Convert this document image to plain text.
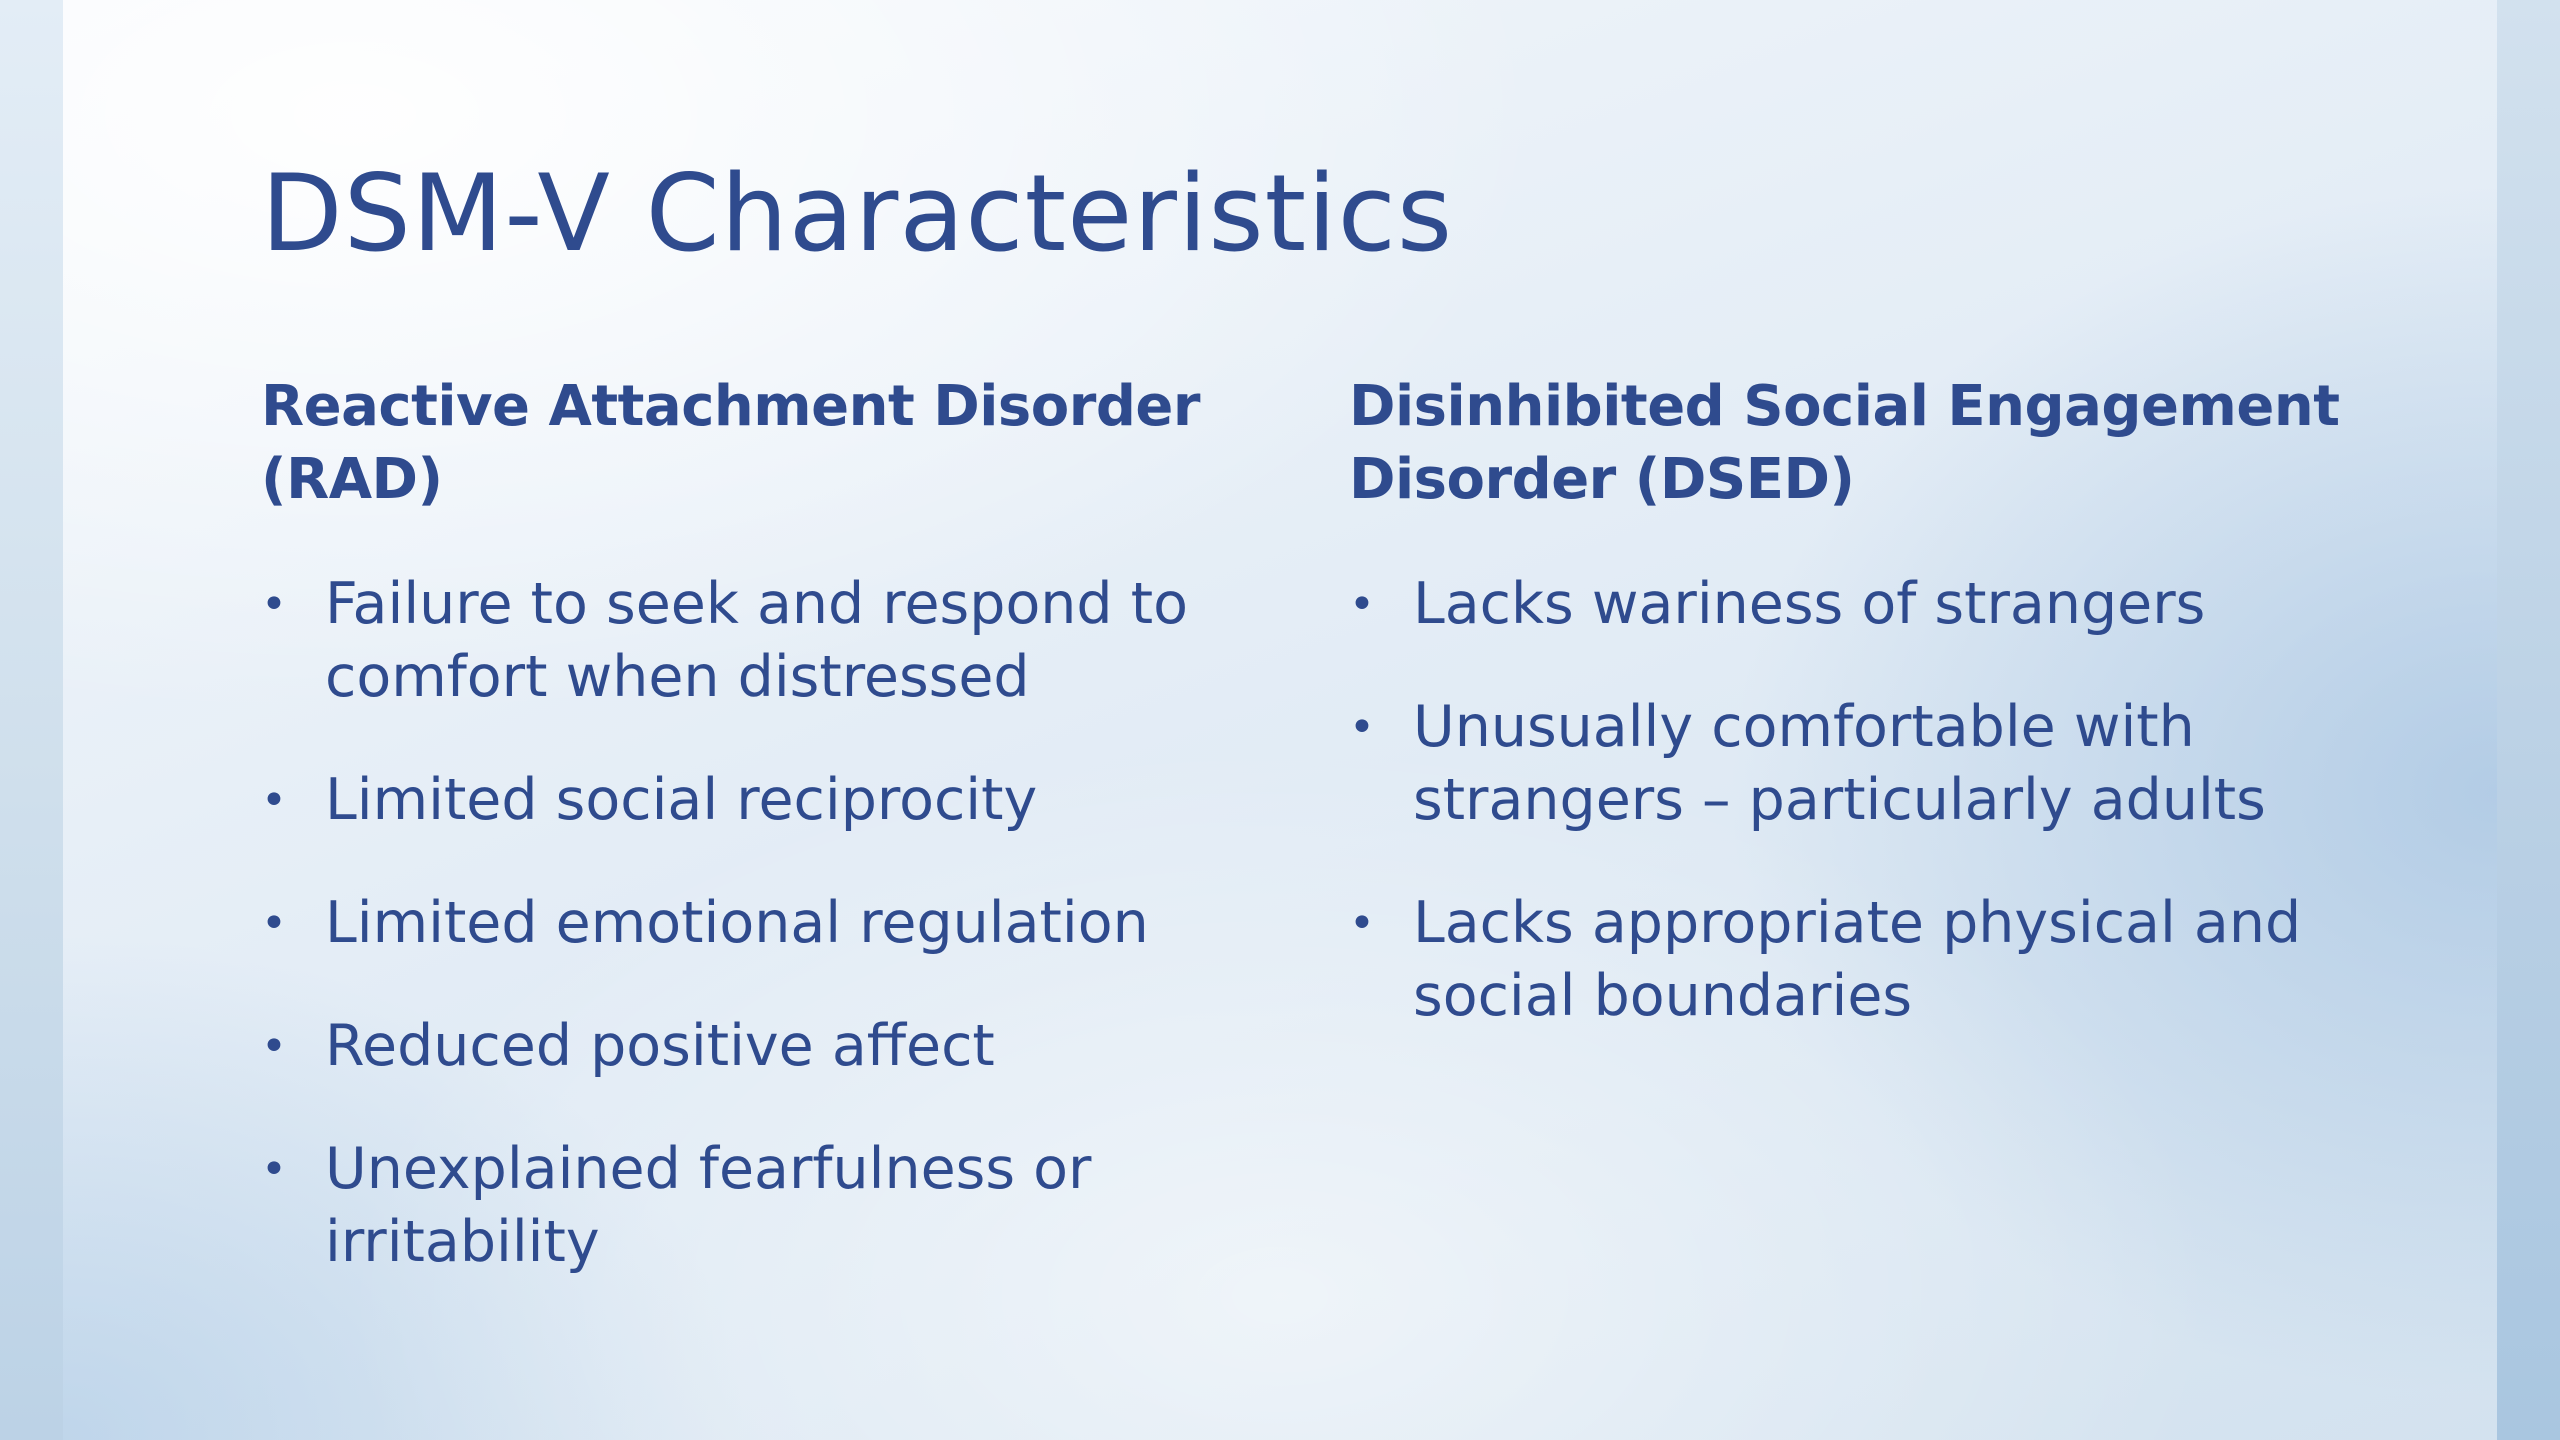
DSM-V Characteristics
Reactive Attachment Disorder (RAD)
• Failure to seek and respond to comfort when distressed
• Limited social reciprocity
• Limited emotional regulation
• Reduced positive affect
• Unexplained fearfulness or irritability
Disinhibited Social Engagement Disorder (DSED)
• Lacks wariness of strangers
• Unusually comfortable with strangers – particularly adults
• Lacks appropriate physical and social boundaries
